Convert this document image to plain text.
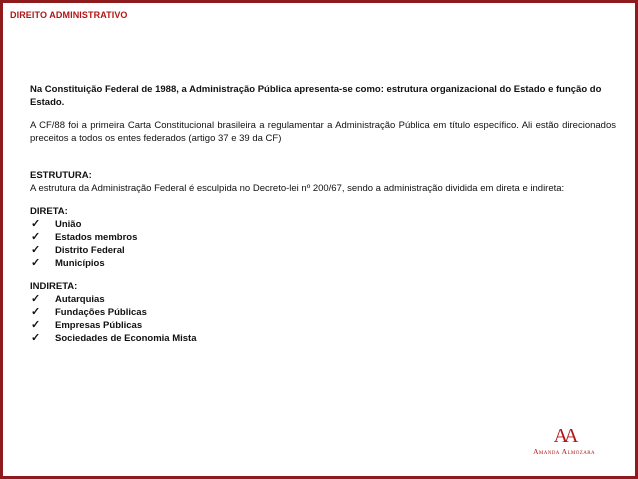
DIREITO ADMINISTRATIVO

Na Constituição Federal de 1988, a Administração Pública apresenta-se como: estrutura organizacional do Estado e função do Estado.

A CF/88 foi a primeira Carta Constitucional brasileira a regulamentar a Administração Pública em título específico. Ali estão direcionados preceitos a todos os entes federados (artigo 37 e 39 da CF)

ESTRUTURA:

A estrutura da Administração Federal é esculpida no Decreto-lei nº 200/67, sendo a administração dividida em direta e indireta:

DIRETA:

✓ União
✓ Estados membros
✓ Distrito Federal
✓ Municípios

INDIRETA:

✓ Autarquias
✓ Fundações Públicas
✓ Empresas Públicas
✓ Sociedades de Economia Mista
AA
Amanda Almozara
